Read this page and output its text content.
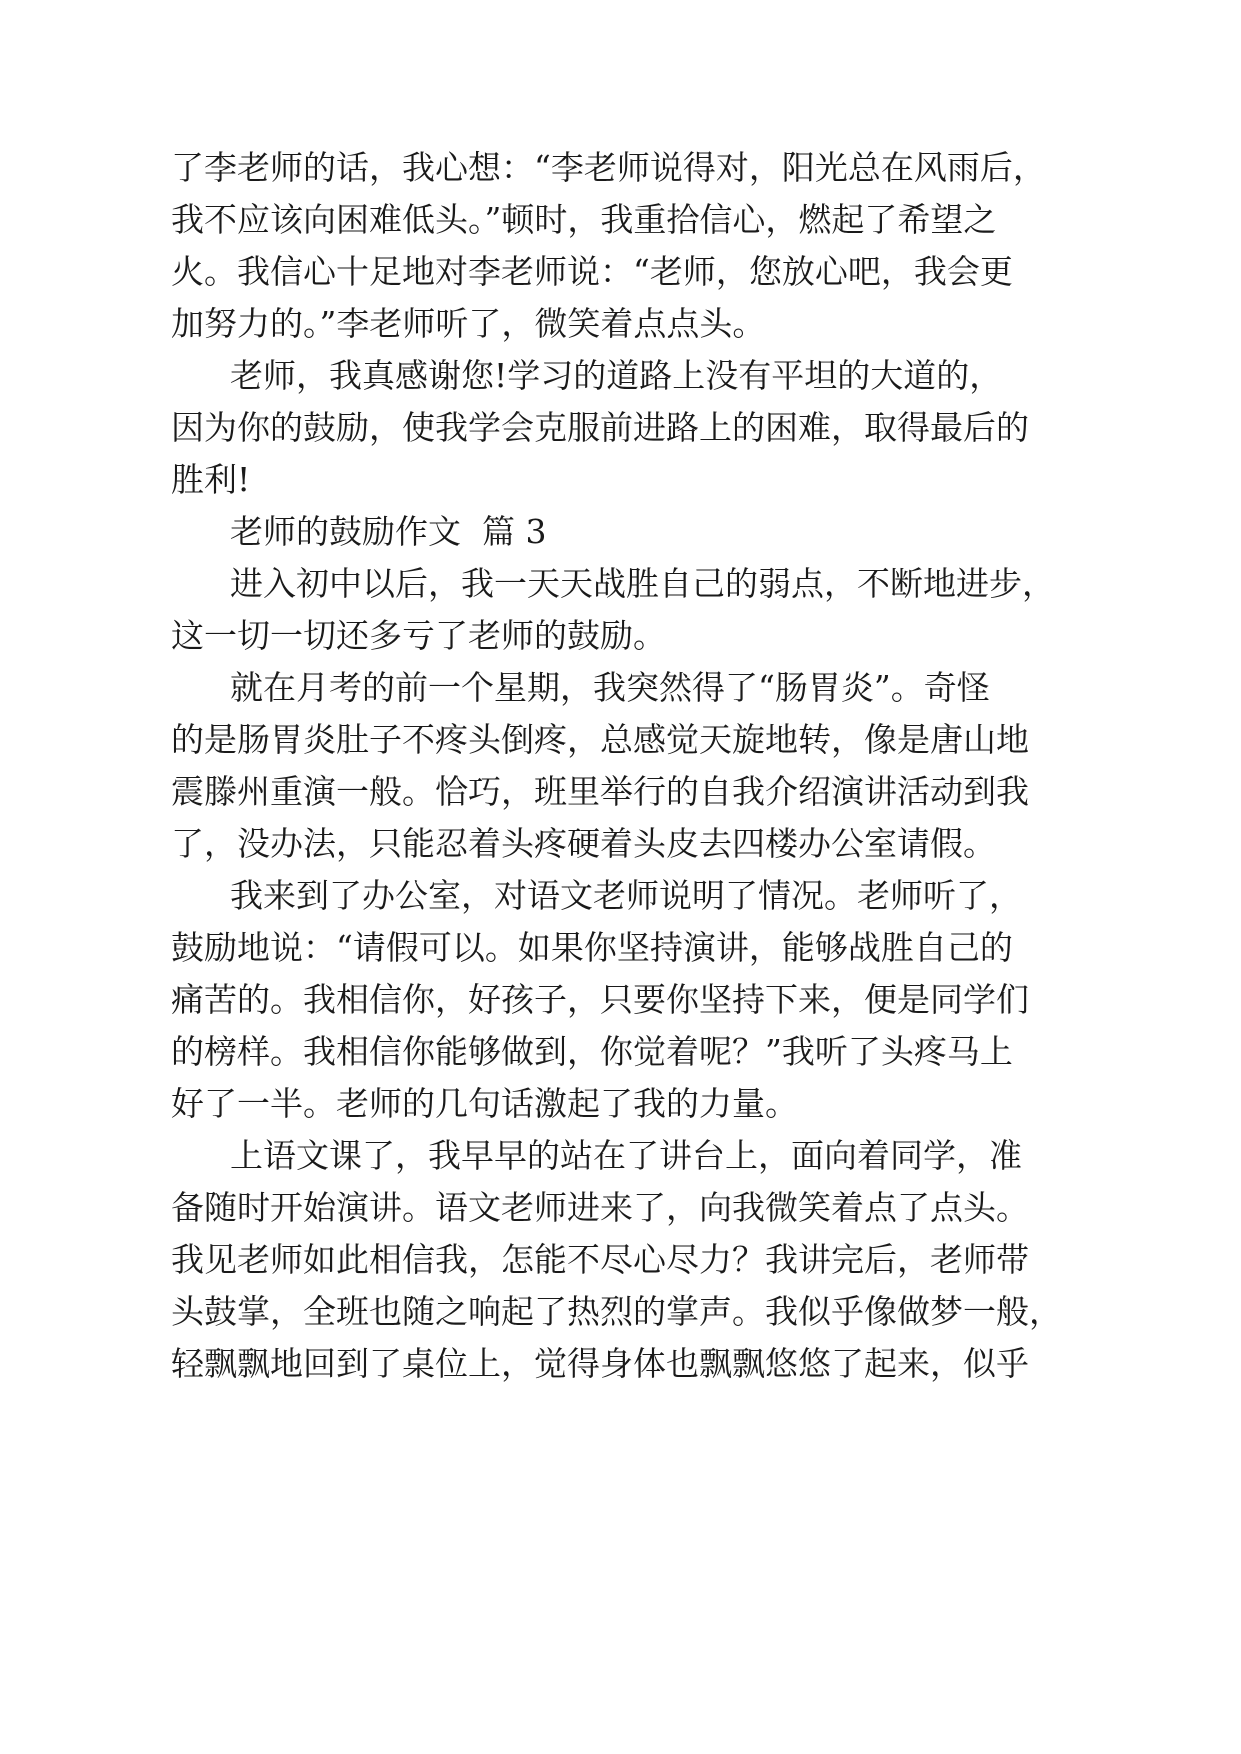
了李老师的话，我心想：“李老师说得对，阳光总在风雨后，
我不应该向困难低头。”顿时，我重拾信心，燃起了希望之
火。我信心十足地对李老师说：“老师，您放心吧，我会更
加努力的。”李老师听了，微笑着点点头。
老师，我真感谢您!学习的道路上没有平坦的大道的，
因为你的鼓励，使我学会克服前进路上的困难，取得最后的
胜利!
老师的鼓励作文  篇 3
进入初中以后，我一天天战胜自己的弱点，不断地进步，
这一切一切还多亏了老师的鼓励。
就在月考的前一个星期，我突然得了“肠胃炎”。奇怪
的是肠胃炎肚子不疼头倒疼，总感觉天旋地转，像是唐山地
震滕州重演一般。恰巧，班里举行的自我介绍演讲活动到我
了，没办法，只能忍着头疼硬着头皮去四楼办公室请假。
我来到了办公室，对语文老师说明了情况。老师听了，
鼓励地说：“请假可以。如果你坚持演讲，能够战胜自己的
痛苦的。我相信你，好孩子，只要你坚持下来，便是同学们
的榜样。我相信你能够做到，你觉着呢？”我听了头疼马上
好了一半。老师的几句话激起了我的力量。
上语文课了，我早早的站在了讲台上，面向着同学，准
备随时开始演讲。语文老师进来了，向我微笑着点了点头。
我见老师如此相信我，怎能不尽心尽力？我讲完后，老师带
头鼓掌，全班也随之响起了热烈的掌声。我似乎像做梦一般，
轻飘飘地回到了桌位上，觉得身体也飘飘悠悠了起来，似乎
